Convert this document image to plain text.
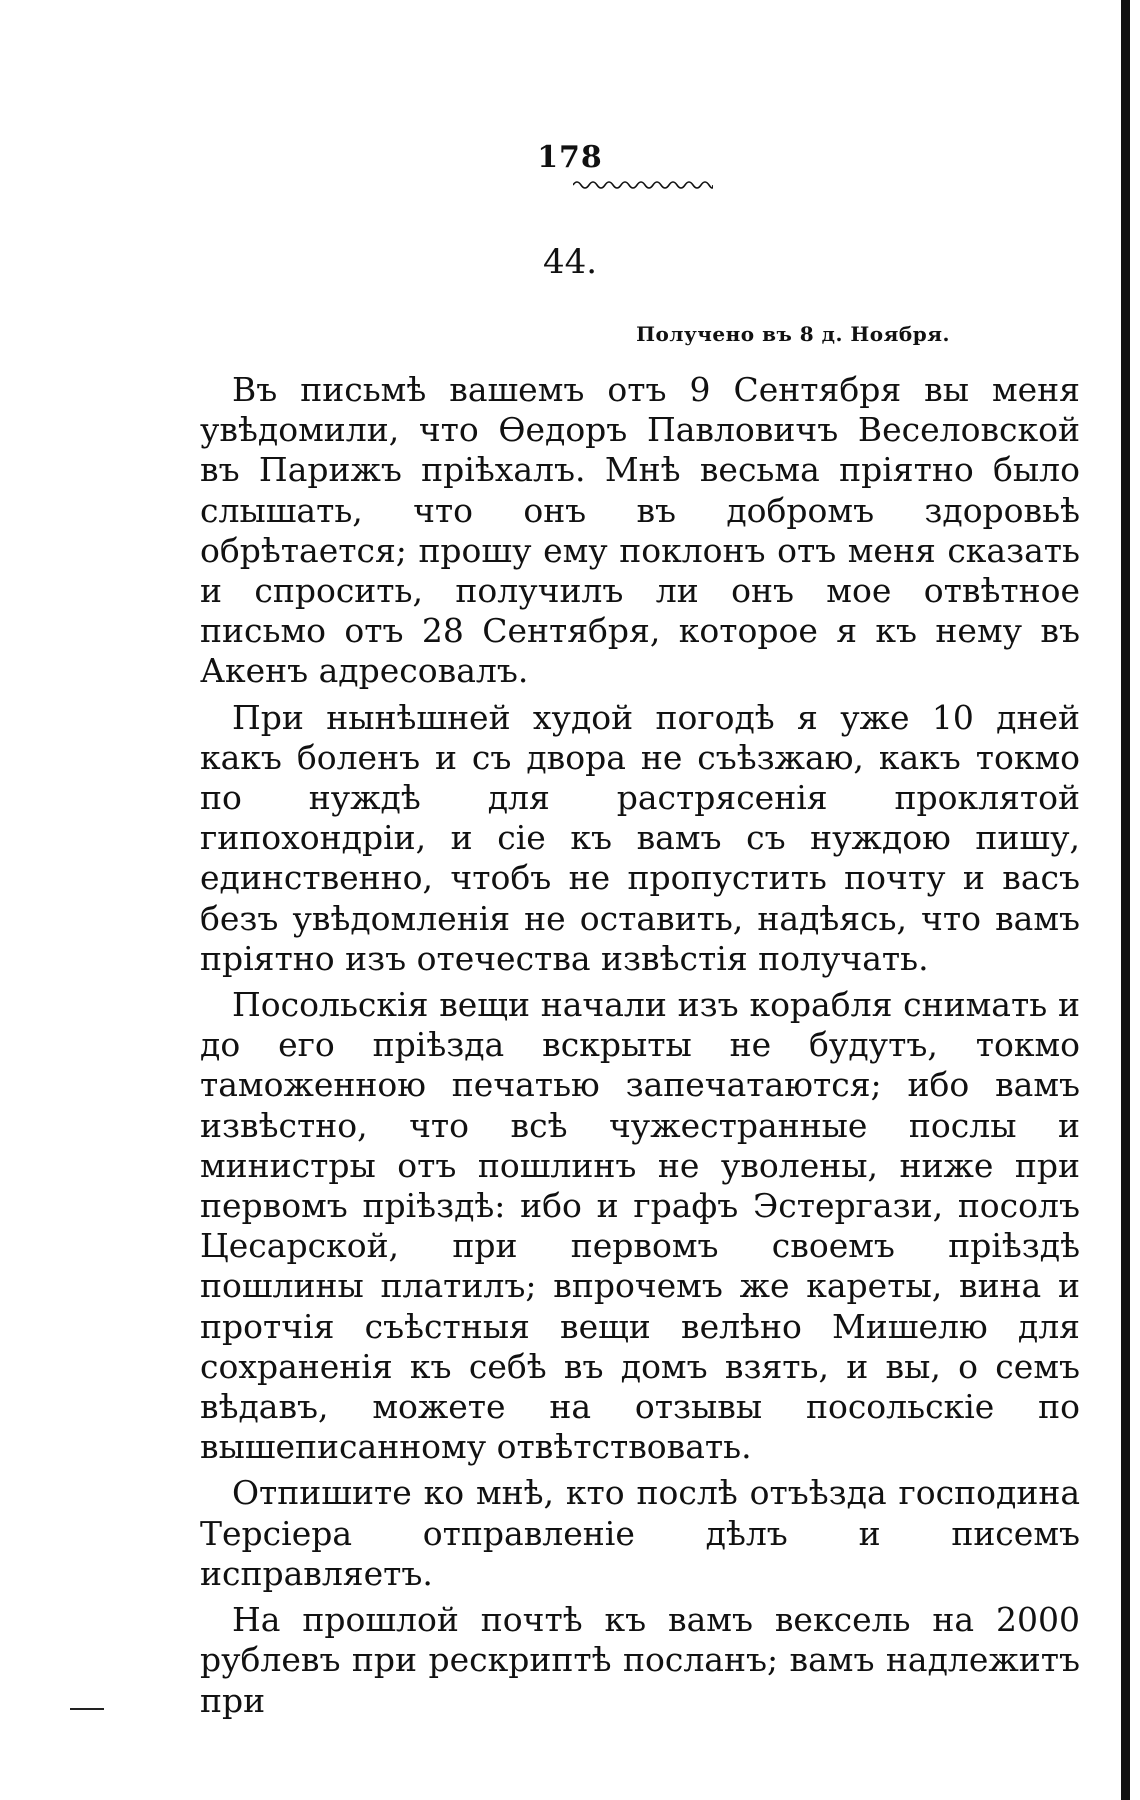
178
44.
Получено въ 8 д. Ноября.

Въ письмѣ вашемъ отъ 9 Сентября вы меня увѣдомили, что Ѳедоръ Павловичъ Веселовской въ Парижъ пріѣхалъ. Мнѣ весьма пріятно было слышать, что онъ въ добромъ здоровьѣ обрѣтается; прошу ему поклонъ отъ меня сказать и спросить, получилъ ли онъ мое отвѣтное письмо отъ 28 Сентября, которое я къ нему въ Акенъ адресовалъ.

При нынѣшней худой погодѣ я уже 10 дней какъ боленъ и съ двора не съѣзжаю, какъ токмо по нуждѣ для растрясенія проклятой гипохондріи, и сіе къ вамъ съ нуждою пишу, единственно, чтобъ не пропустить почту и васъ безъ увѣдомленія не оставить, надѣясь, что вамъ пріятно изъ отечества извѣстія получать.

Посольскія вещи начали изъ корабля снимать и до его пріѣзда вскрыты не будутъ, токмо таможенною печатью запечатаются; ибо вамъ извѣстно, что всѣ чужестранные послы и министры отъ пошлинъ не уволены, ниже при первомъ пріѣздѣ: ибо и графъ Эстергази, посолъ Цесарской, при первомъ своемъ пріѣздѣ пошлины платилъ; впрочемъ же кареты, вина и протчія съѣстныя вещи велѣно Мишелю для сохраненія къ себѣ въ домъ взять, и вы, о семъ вѣдавъ, можете на отзывы посольскіе по вышеписанному отвѣтствовать.

Отпишите ко мнѣ, кто послѣ отъѣзда господина Терсіера отправленіе дѣлъ и писемъ исправляетъ.

На прошлой почтѣ къ вамъ вексель на 2000 рублевъ при рескриптѣ посланъ; вамъ надлежитъ при
